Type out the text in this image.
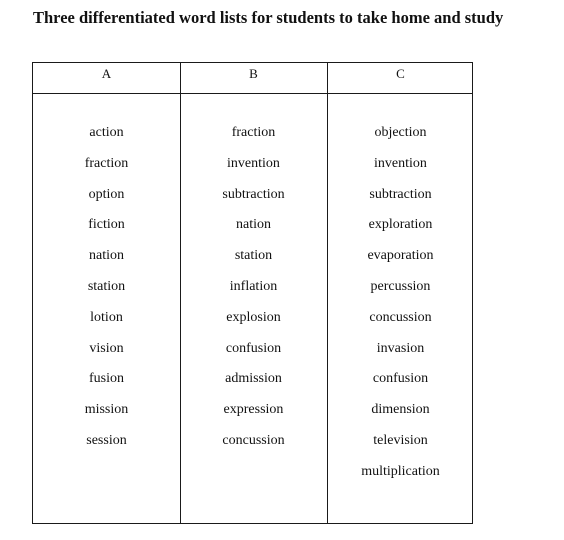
Three differentiated word lists for students to take home and study
A	B	C
action
fraction
option
fiction
nation
station
lotion
vision
fusion
mission
session
fraction
invention
subtraction
nation
station
inflation
explosion
confusion
admission
expression
concussion
objection
invention
subtraction
exploration
evaporation
percussion
concussion
invasion
confusion
dimension
television
multiplication
